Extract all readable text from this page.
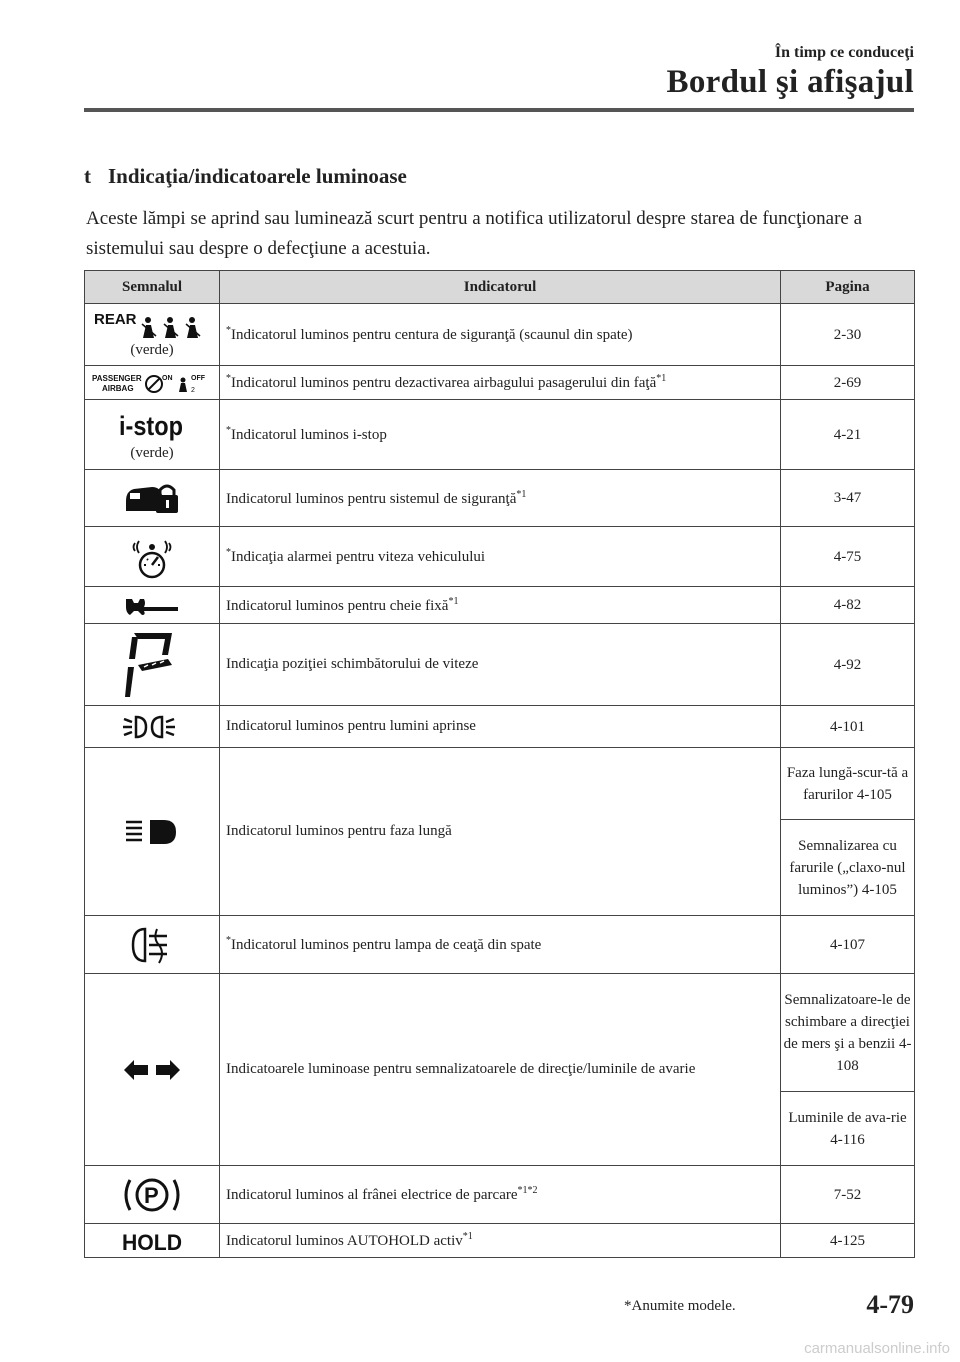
În timp ce conduceţi
Bordul şi afişajul
t Indicaţia/indicatoarele luminoase
Aceste lămpi se aprind sau luminează scurt pentru a notifica utilizatorul despre starea de funcţionare a sistemului sau despre o defecţiune a acestuia.
Semnalul	Indicatorul	Pagina

REAR
(verde)	*Indicatorul luminos pentru centura de siguranţă (scaunul din spate)	2-30

PASSENGER
AIRBAG
ON OFF
2	*Indicatorul luminos pentru dezactivarea airbagului pasagerului din faţă$^{*1}$	2-69

i-stop
(verde)	*Indicatorul luminos i-stop	4-21
	Indicatorul luminos pentru sistemul de siguranţă$^{*1}$	3-47
	*Indicaţia alarmei pentru viteza vehiculului	4-75
	Indicatorul luminos pentru cheie fixă$^{*1}$	4-82
	Indicaţia poziţiei schimbătorului de viteze	4-92
	Indicatorul luminos pentru lumini aprinse	4-101
	Indicatorul luminos pentru faza lungă	Faza lungă-scur-tă a farurilor 4-105
		Semnalizarea cu farurile („claxo-nul luminos”) 4-105
	*Indicatorul luminos pentru lampa de ceaţă din spate	4-107
	Indicatoarele luminoase pentru semnalizatoarele de direcţie/luminile de avarie	Semnalizatoare-le de schimbare a direcţiei de mers şi a benzii 4-108
		Luminile de ava-rie 4-116

P	Indicatorul luminos al frânei electrice de parcare$^{*1*2}$	7-52

HOLD	Indicatorul luminos AUTOHOLD activ$^{*1}$	4-125
*Anumite modele.	4-79
carmanualsonline.info
